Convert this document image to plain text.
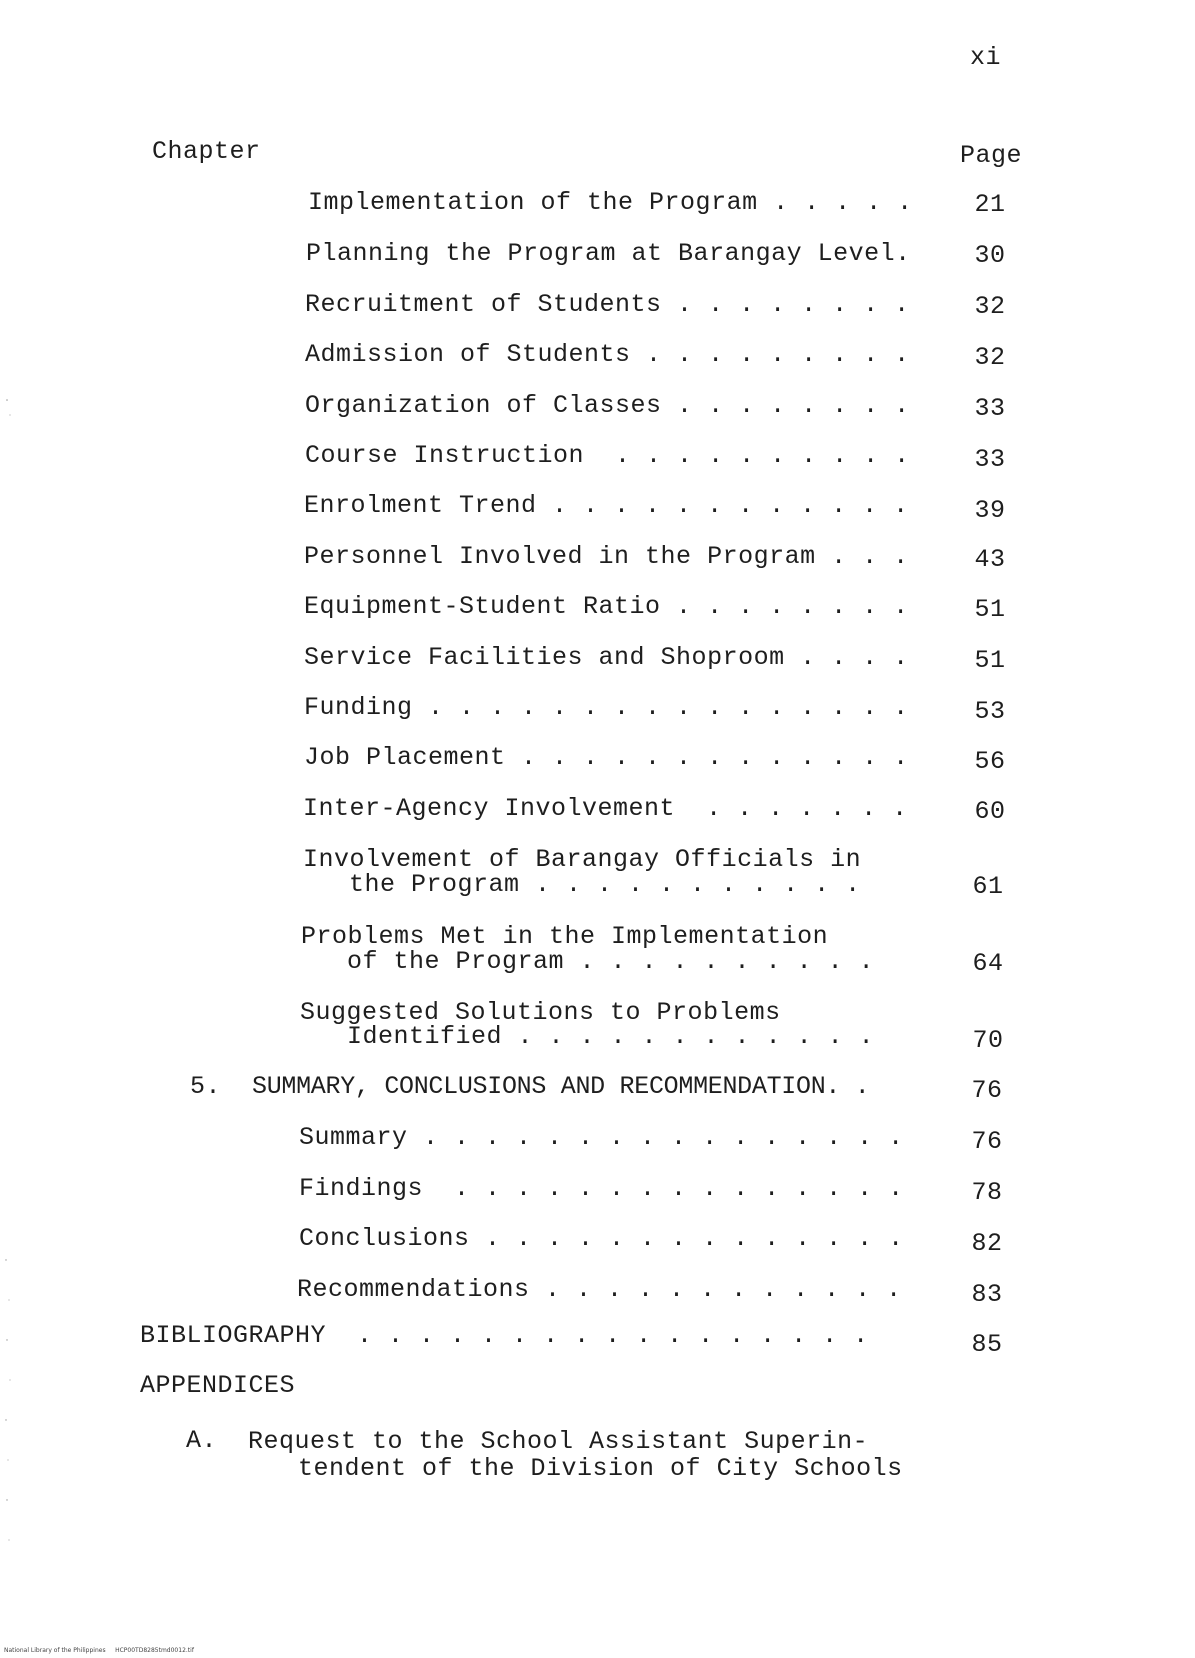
xi
Chapter	Page
Implementation of the Program . . . . .	21
Planning the Program at Barangay Level.	30
Recruitment of Students . . . . . . . .	32
Admission of Students . . . . . . . . .	32
Organization of Classes . . . . . . . .	33
Course Instruction  . . . . . . . . . .	33
Enrolment Trend . . . . . . . . . . . .	39
Personnel Involved in the Program . . .	43
Equipment-Student Ratio . . . . . . . .	51
Service Facilities and Shoproom . . . .	51
Funding . . . . . . . . . . . . . . . .	53
Job Placement . . . . . . . . . . . . .	56
Inter-Agency Involvement  . . . . . . .	60
Involvement of Barangay Officials in
the Program . . . . . . . . . . .	61
Problems Met in the Implementation
of the Program . . . . . . . . . .	64
Suggested Solutions to Problems
Identified . . . . . . . . . . . .	70
5. SUMMARY, CONCLUSIONS AND RECOMMENDATION. .	76
Summary . . . . . . . . . . . . . . . .	76
Findings  . . . . . . . . . . . . . . .	78
Conclusions . . . . . . . . . . . . . .	82
Recommendations . . . . . . . . . . . .	83
BIBLIOGRAPHY  . . . . . . . . . . . . . . . . .	85
APPENDICES
A. Request to the School Assistant Superin-
tendent of the Division of City Schools
National Library of the Philippines     HCP00TD8285tmd0012.tif
